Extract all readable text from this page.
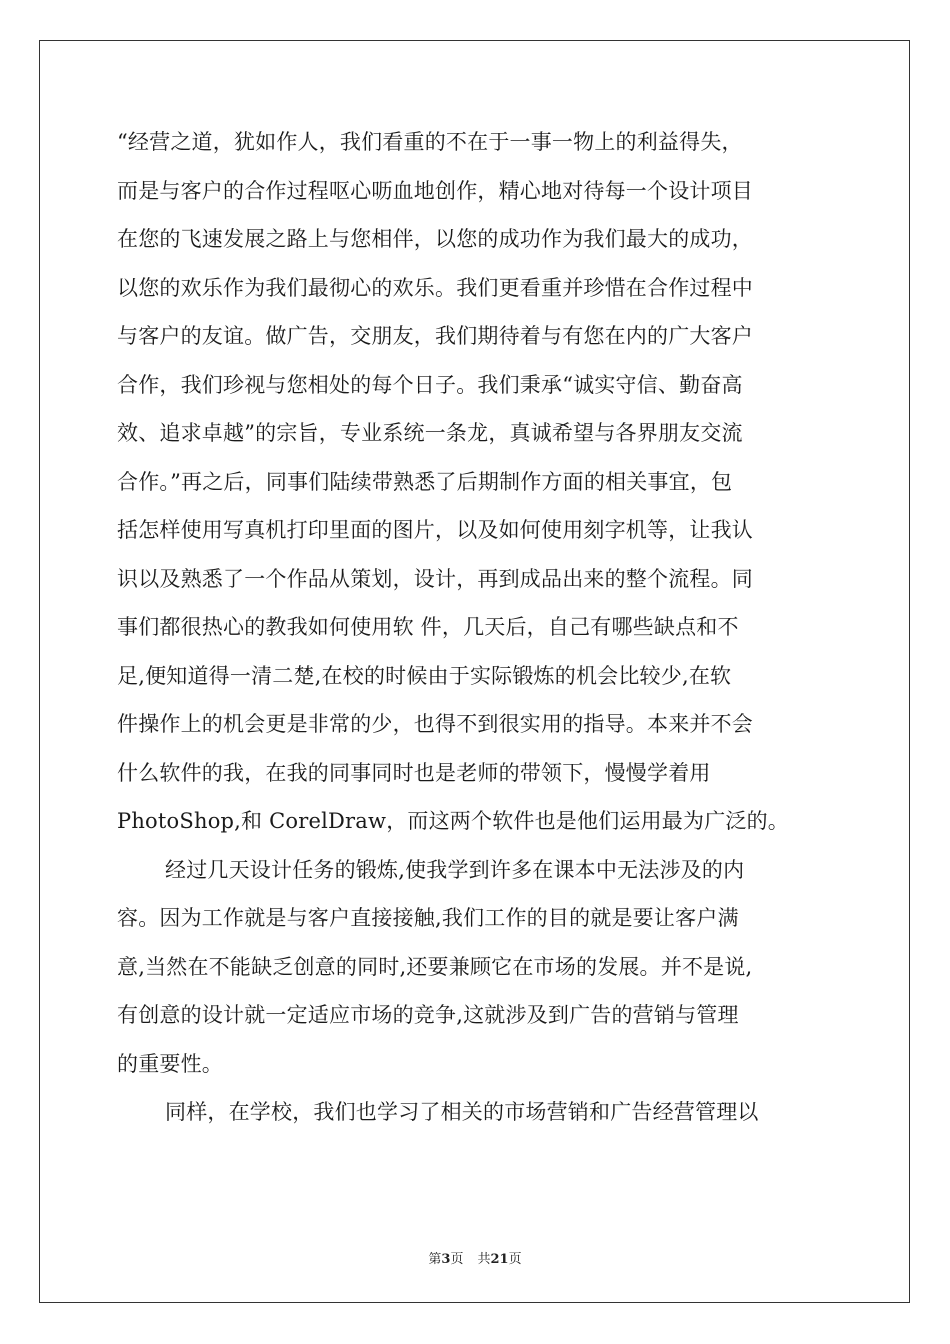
“经营之道，犹如作人，我们看重的不在于一事一物上的利益得失，
而是与客户的合作过程呕心呖血地创作，精心地对待每一个设计项目
在您的飞速发展之路上与您相伴，以您的成功作为我们最大的成功，
以您的欢乐作为我们最彻心的欢乐。我们更看重并珍惜在合作过程中
与客户的友谊。做广告，交朋友，我们期待着与有您在内的广大客户
合作，我们珍视与您相处的每个日子。我们秉承“诚实守信、勤奋高
效、追求卓越”的宗旨，专业系统一条龙，真诚希望与各界朋友交流
合作。”再之后，同事们陆续带熟悉了后期制作方面的相关事宜，包
括怎样使用写真机打印里面的图片，以及如何使用刻字机等，让我认
识以及熟悉了一个作品从策划，设计，再到成品出来的整个流程。同
事们都很热心的教我如何使用软 件，几天后，自己有哪些缺点和不
足,便知道得一清二楚,在校的时候由于实际锻炼的机会比较少,在软
件操作上的机会更是非常的少，也得不到很实用的指导。本来并不会
什么软件的我，在我的同事同时也是老师的带领下，慢慢学着用
PhotoShop,和 CorelDraw，而这两个软件也是他们运用最为广泛的。
经过几天设计任务的锻炼,使我学到许多在课本中无法涉及的内
容。因为工作就是与客户直接接触,我们工作的目的就是要让客户满
意,当然在不能缺乏创意的同时,还要兼顾它在市场的发展。并不是说,
有创意的设计就一定适应市场的竞争,这就涉及到广告的营销与管理
的重要性。
同样，在学校，我们也学习了相关的市场营销和广告经营管理以
第3页 共21页
